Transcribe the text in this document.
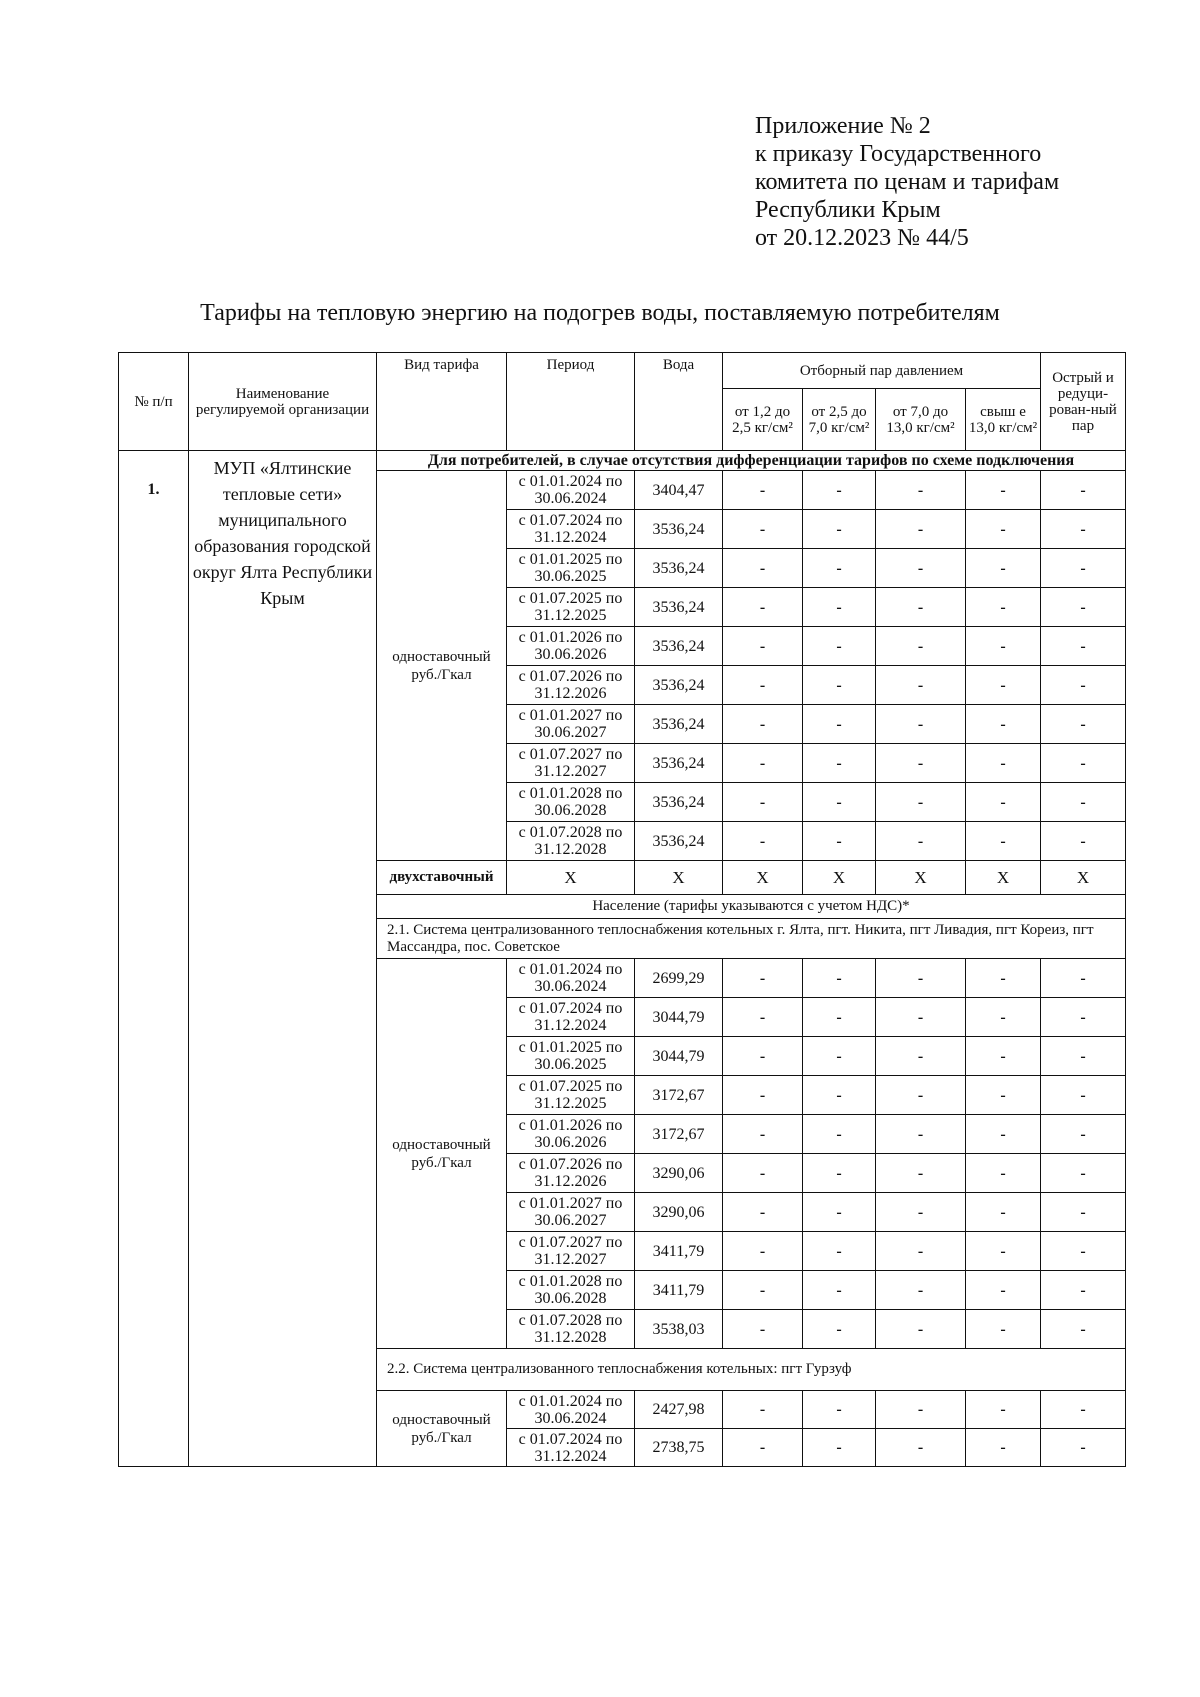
Приложение № 2
к приказу Государственного
комитета по ценам и тарифам
Республики Крым
от 20.12.2023 № 44/5
Тарифы на тепловую энергию на подогрев воды, поставляемую потребителям
№ п/п	Наименование регулируемой организации	Вид тарифа	Период	Вода	Отборный пар давлением				Острый и редуци-рован-ный пар
					от 1,2 до 2,5 кг/см²	от 2,5 до 7,0 кг/см²	от 7,0 до 13,0 кг/см²	свыш е 13,0 кг/см²	
1.	МУП «Ялтинские тепловые сети» муниципального образования городской округ Ялта Республики Крым	Для потребителей, в случае отсутствия дифференциации тарифов по схеме подключения							
		одноставочный руб./Гкал	с 01.01.2024 по 30.06.2024	3404,47	-	-	-	-	-
			с 01.07.2024 по 31.12.2024	3536,24	-	-	-	-	-
			с 01.01.2025 по 30.06.2025	3536,24	-	-	-	-	-
			с 01.07.2025 по 31.12.2025	3536,24	-	-	-	-	-
			с 01.01.2026 по 30.06.2026	3536,24	-	-	-	-	-
			с 01.07.2026 по 31.12.2026	3536,24	-	-	-	-	-
			с 01.01.2027 по 30.06.2027	3536,24	-	-	-	-	-
			с 01.07.2027 по 31.12.2027	3536,24	-	-	-	-	-
			с 01.01.2028 по 30.06.2028	3536,24	-	-	-	-	-
			с 01.07.2028 по 31.12.2028	3536,24	-	-	-	-	-
		двухставочный	Х	Х	Х	Х	Х	Х	Х
		Население (тарифы указываются с учетом НДС)*							
		2.1. Система централизованного теплоснабжения котельных г. Ялта, пгт. Никита, пгт Ливадия, пгт Кореиз, пгт Массандра, пос. Советское							
		одноставочный руб./Гкал	с 01.01.2024 по 30.06.2024	2699,29	-	-	-	-	-
			с 01.07.2024 по 31.12.2024	3044,79	-	-	-	-	-
			с 01.01.2025 по 30.06.2025	3044,79	-	-	-	-	-
			с 01.07.2025 по 31.12.2025	3172,67	-	-	-	-	-
			с 01.01.2026 по 30.06.2026	3172,67	-	-	-	-	-
			с 01.07.2026 по 31.12.2026	3290,06	-	-	-	-	-
			с 01.01.2027 по 30.06.2027	3290,06	-	-	-	-	-
			с 01.07.2027 по 31.12.2027	3411,79	-	-	-	-	-
			с 01.01.2028 по 30.06.2028	3411,79	-	-	-	-	-
			с 01.07.2028 по 31.12.2028	3538,03	-	-	-	-	-
		2.2. Система централизованного теплоснабжения котельных: пгт Гурзуф							
		одноставочный руб./Гкал	с 01.01.2024 по 30.06.2024	2427,98	-	-	-	-	-
			с 01.07.2024 по 31.12.2024	2738,75	-	-	-	-	-
